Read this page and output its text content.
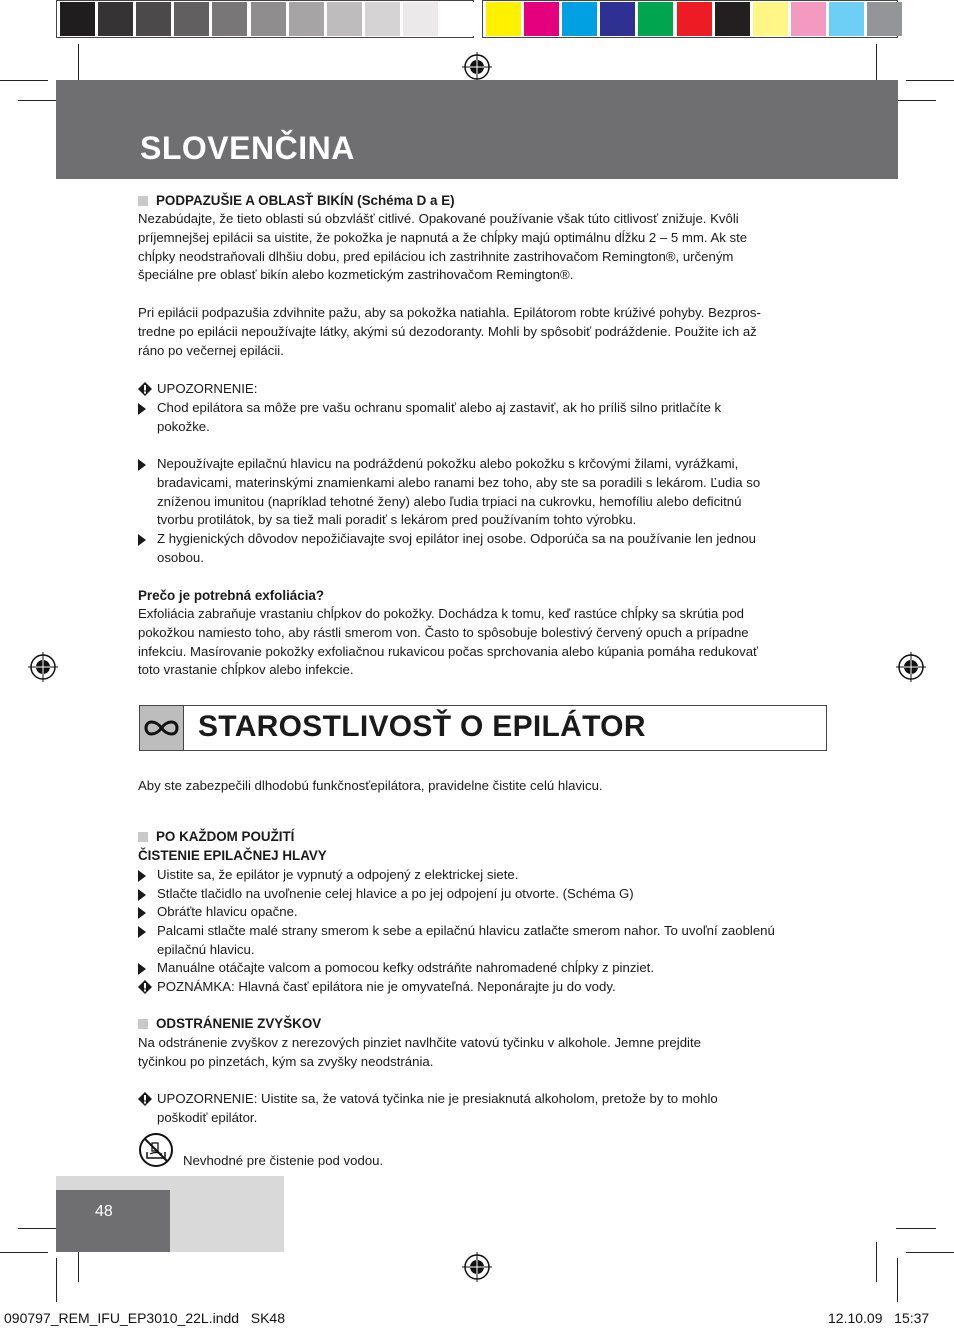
SLOVENČINA
PODPAZUŠIE A OBLASŤ BIKÍN (Schéma D a E)
Nezabúdajte, že tieto oblasti sú obzvlášť citlivé. Opakované používanie však túto citlivosť znižuje. Kvôli
príjemnejšej epilácii sa uistite, že pokožka je napnutá a že chĺpky majú optimálnu dĺžku 2 – 5 mm. Ak ste
chĺpky neodstraňovali dlhšiu dobu, pred epiláciou ich zastrihnite zastrihovačom Remington®, určeným
špeciálne pre oblasť bikín alebo kozmetickým zastrihovačom Remington®.
Pri epilácii podpazušia zdvihnite pažu, aby sa pokožka natiahla. Epilátorom robte krúživé pohyby. Bezpros-
tredne po epilácii nepoužívajte látky, akými sú dezodoranty. Mohli by spôsobiť podráždenie. Použite ich až
ráno po večernej epilácii.
UPOZORNENIE:
Chod epilátora sa môže pre vašu ochranu spomaliť alebo aj zastaviť, ak ho príliš silno pritlačíte k
pokožke.
Nepoužívajte epilačnú hlavicu na podráždenú pokožku alebo pokožku s krčovými žilami, vyrážkami,
bradavicami, materinskými znamienkami alebo ranami bez toho, aby ste sa poradili s lekárom. Ľudia so
zníženou imunitou (napríklad tehotné ženy) alebo ľudia trpiaci na cukrovku, hemofíliu alebo deficitnú
tvorbu protilátok, by sa tiež mali poradiť s lekárom pred používaním tohto výrobku.
Z hygienických dôvodov nepožičiavajte svoj epilátor inej osobe. Odporúča sa na používanie len jednou
osobou.
Prečo je potrebná exfoliácia?
Exfoliácia zabraňuje vrastaniu chĺpkov do pokožky. Dochádza k tomu, keď rastúce chĺpky sa skrútia pod
pokožkou namiesto toho, aby rástli smerom von. Často to spôsobuje bolestivý červený opuch a prípadne
infekciu. Masírovanie pokožky exfoliačnou rukavicou počas sprchovania alebo kúpania pomáha redukovať
toto vrastanie chĺpkov alebo infekcie.
STAROSTLIVOSŤ O EPILÁTOR
Aby ste zabezpečili dlhodobú funkčnosťepilátora, pravidelne čistite celú hlavicu.
PO KAŽDOM POUŽITÍ
ČISTENIE EPILAČNEJ HLAVY
Uistite sa, že epilátor je vypnutý a odpojený z elektrickej siete.
Stlačte tlačidlo na uvoľnenie celej hlavice a po jej odpojení ju otvorte. (Schéma G)
Obráťte hlavicu opačne.
Palcami stlačte malé strany smerom k sebe a epilačnú hlavicu zatlačte smerom nahor. To uvoľní zaoblenú
epilačnú hlavicu.
Manuálne otáčajte valcom a pomocou kefky odstráňte nahromadené chĺpky z pinziet.
POZNÁMKA: Hlavná časť epilátora nie je omyvateľná. Neponárajte ju do vody.
ODSTRÁNENIE ZVYŠKOV
Na odstránenie zvyškov z nerezových pinziet navlhčite vatovú tyčinku v alkohole. Jemne prejdite
tyčinkou po pinzetách, kým sa zvyšky neodstránia.
UPOZORNENIE: Uistite sa, že vatová tyčinka nie je presiaknutá alkoholom, pretože by to mohlo
poškodiť epilátor.
Nevhodné pre čistenie pod vodou.
48
090797_REM_IFU_EP3010_22L.indd   SK48	12.10.09   15:37
